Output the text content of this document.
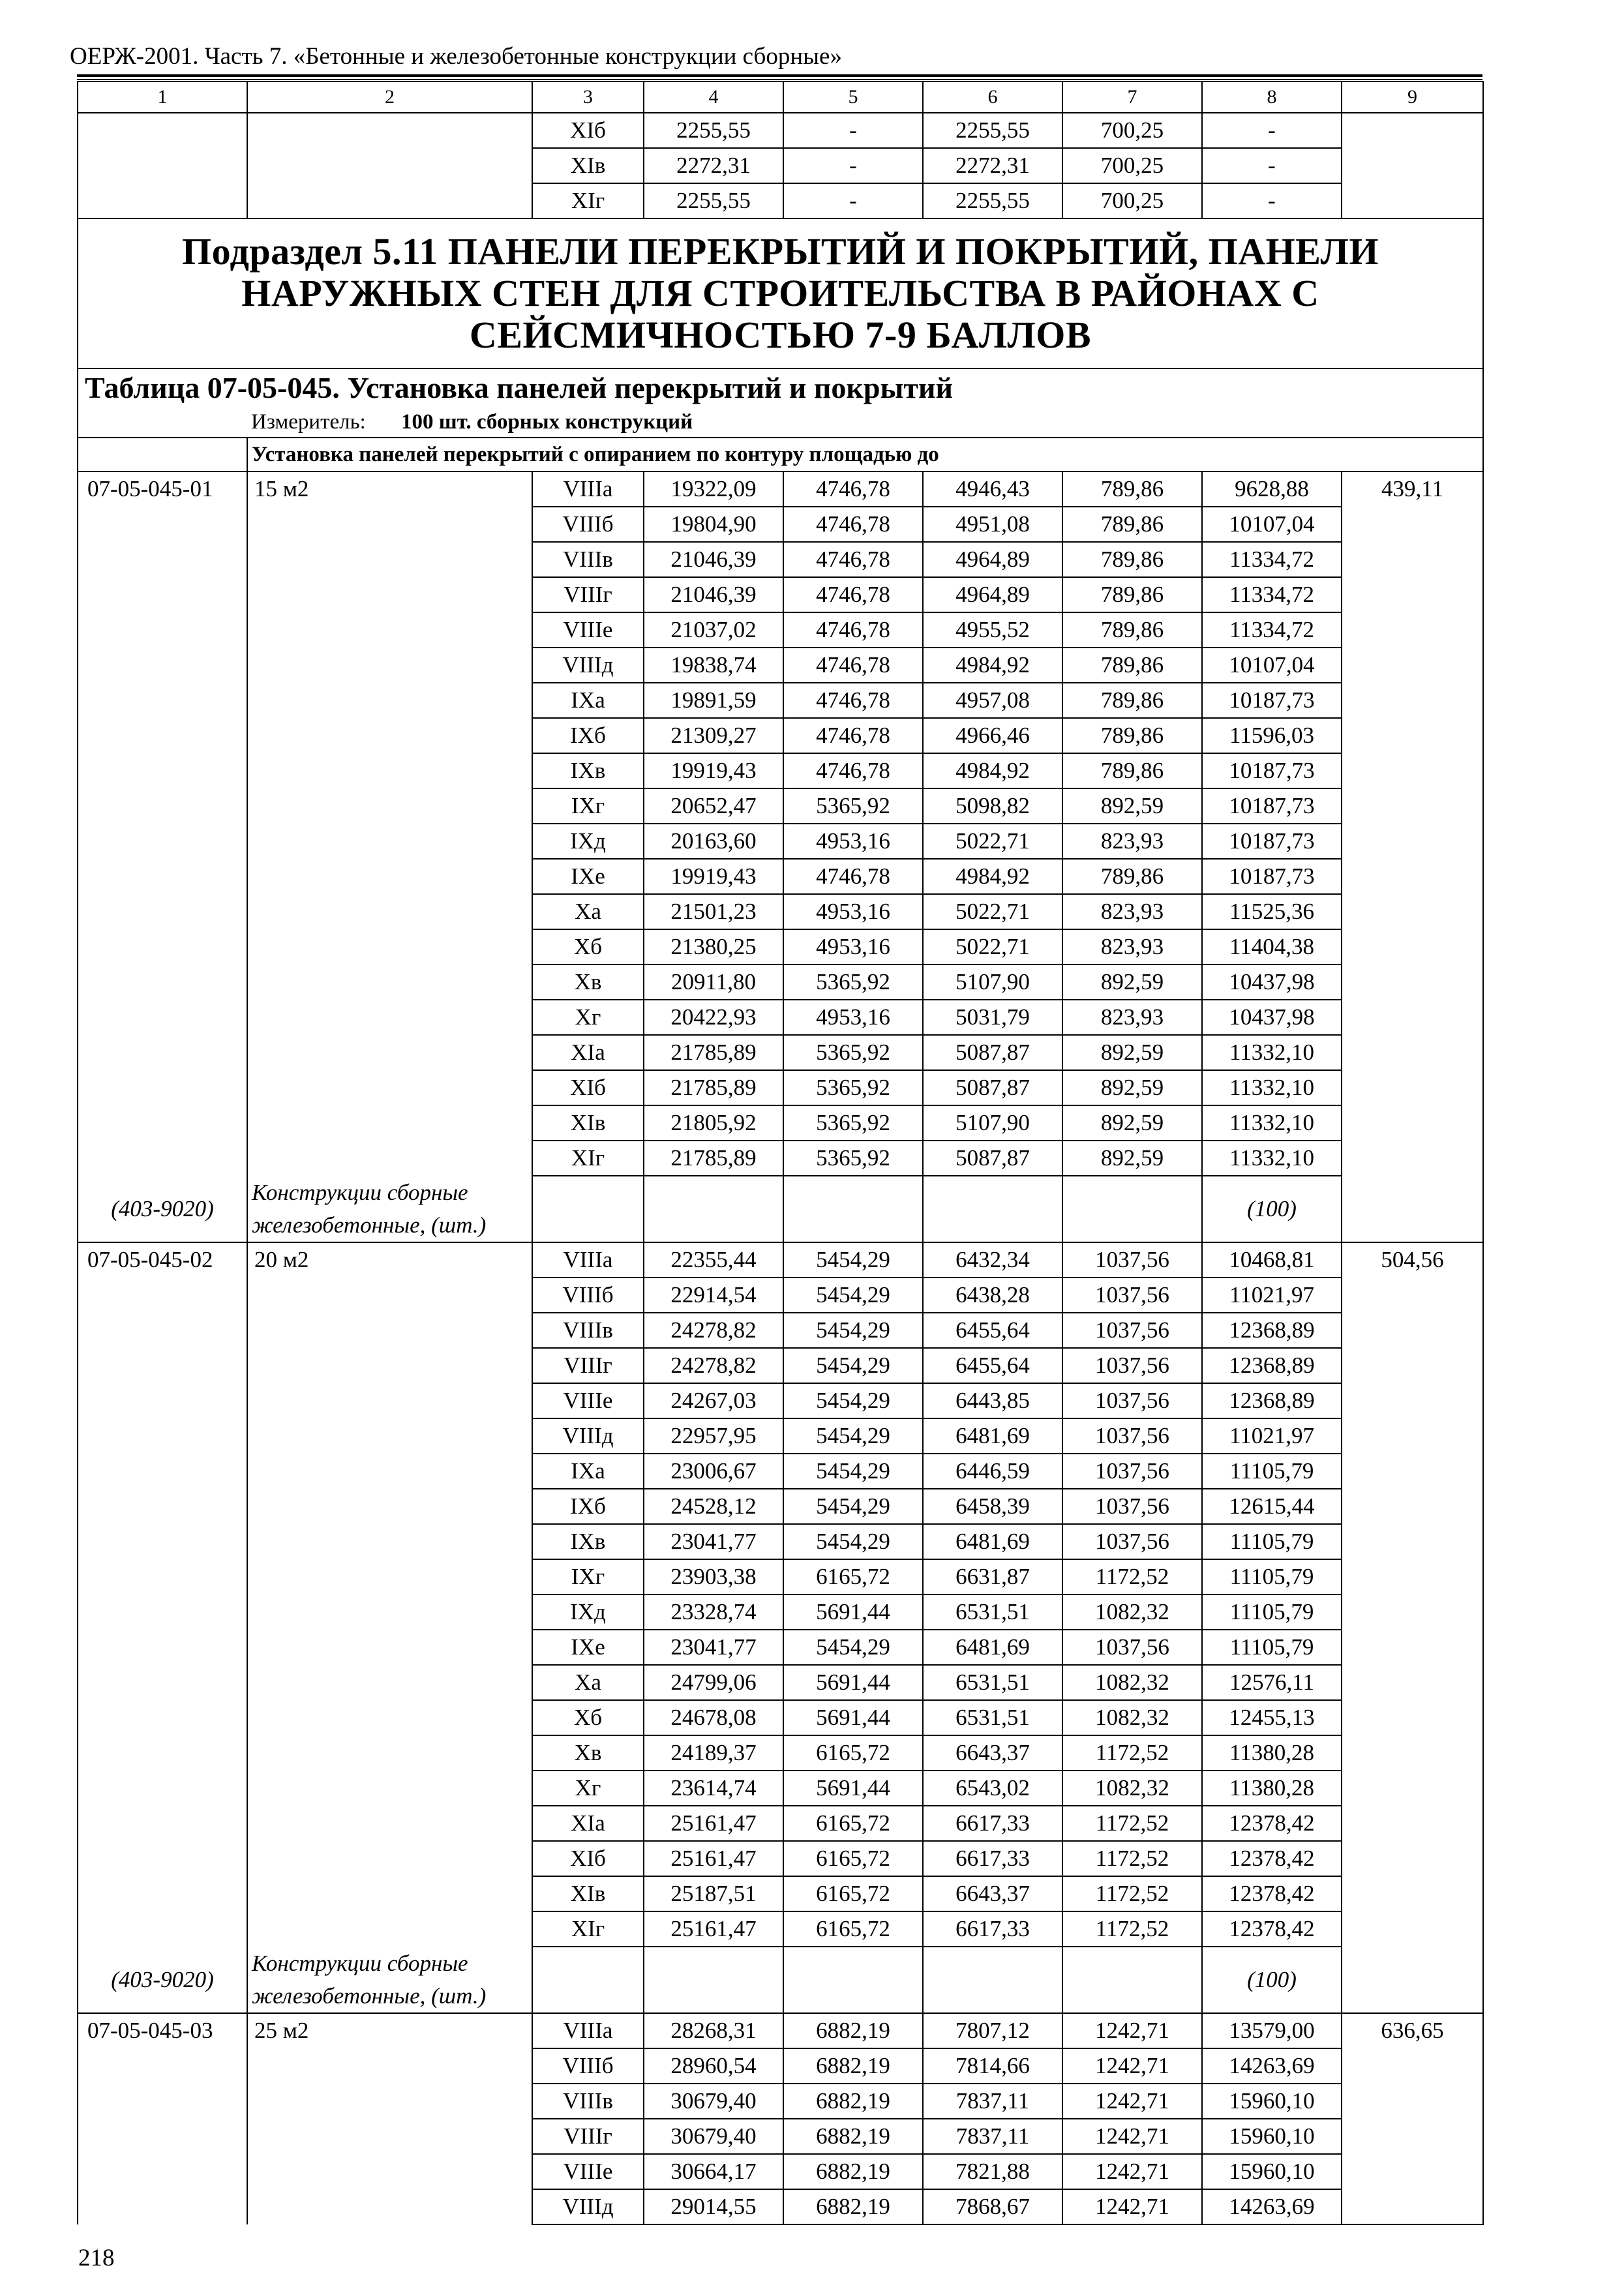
ОЕРЖ-2001. Часть 7. «Бетонные и железобетонные конструкции сборные»
1	2	3	4	5	6	7	8	9
		ХIб	2255,55	-	2255,55	700,25	-	
		ХIв	2272,31	-	2272,31	700,25	-	
		ХIг	2255,55	-	2255,55	700,25	-	
Подраздел 5.11 ПАНЕЛИ ПЕРЕКРЫТИЙ И ПОКРЫТИЙ, ПАНЕЛИ НАРУЖНЫХ СТЕН ДЛЯ СТРОИТЕЛЬСТВА В РАЙОНАХ С СЕЙСМИЧНОСТЬЮ 7-9 БАЛЛОВ								
Таблица 07-05-045. Установка панелей перекрытий и покрытий								
Измеритель: 100 шт. сборных конструкций								
	Установка панелей перекрытий с опиранием по контуру площадью до							
07-05-045-01	15 м2	VIIIа	19322,09	4746,78	4946,43	789,86	9628,88	439,11
		VIIIб	19804,90	4746,78	4951,08	789,86	10107,04	
		VIIIв	21046,39	4746,78	4964,89	789,86	11334,72	
		VIIIг	21046,39	4746,78	4964,89	789,86	11334,72	
		VIIIе	21037,02	4746,78	4955,52	789,86	11334,72	
		VIIIд	19838,74	4746,78	4984,92	789,86	10107,04	
		IХа	19891,59	4746,78	4957,08	789,86	10187,73	
		IХб	21309,27	4746,78	4966,46	789,86	11596,03	
		IХв	19919,43	4746,78	4984,92	789,86	10187,73	
		IХг	20652,47	5365,92	5098,82	892,59	10187,73	
		IХд	20163,60	4953,16	5022,71	823,93	10187,73	
		IХе	19919,43	4746,78	4984,92	789,86	10187,73	
		Ха	21501,23	4953,16	5022,71	823,93	11525,36	
		Хб	21380,25	4953,16	5022,71	823,93	11404,38	
		Хв	20911,80	5365,92	5107,90	892,59	10437,98	
		Хг	20422,93	4953,16	5031,79	823,93	10437,98	
		ХIа	21785,89	5365,92	5087,87	892,59	11332,10	
		ХIб	21785,89	5365,92	5087,87	892,59	11332,10	
		ХIв	21805,92	5365,92	5107,90	892,59	11332,10	
		ХIг	21785,89	5365,92	5087,87	892,59	11332,10	
(403-9020)	Конструкции сборные железобетонные, (шт.)						(100)	
07-05-045-02	20 м2	VIIIа	22355,44	5454,29	6432,34	1037,56	10468,81	504,56
		VIIIб	22914,54	5454,29	6438,28	1037,56	11021,97	
		VIIIв	24278,82	5454,29	6455,64	1037,56	12368,89	
		VIIIг	24278,82	5454,29	6455,64	1037,56	12368,89	
		VIIIе	24267,03	5454,29	6443,85	1037,56	12368,89	
		VIIIд	22957,95	5454,29	6481,69	1037,56	11021,97	
		IХа	23006,67	5454,29	6446,59	1037,56	11105,79	
		IХб	24528,12	5454,29	6458,39	1037,56	12615,44	
		IХв	23041,77	5454,29	6481,69	1037,56	11105,79	
		IХг	23903,38	6165,72	6631,87	1172,52	11105,79	
		IХд	23328,74	5691,44	6531,51	1082,32	11105,79	
		IХе	23041,77	5454,29	6481,69	1037,56	11105,79	
		Ха	24799,06	5691,44	6531,51	1082,32	12576,11	
		Хб	24678,08	5691,44	6531,51	1082,32	12455,13	
		Хв	24189,37	6165,72	6643,37	1172,52	11380,28	
		Хг	23614,74	5691,44	6543,02	1082,32	11380,28	
		ХIа	25161,47	6165,72	6617,33	1172,52	12378,42	
		ХIб	25161,47	6165,72	6617,33	1172,52	12378,42	
		ХIв	25187,51	6165,72	6643,37	1172,52	12378,42	
		ХIг	25161,47	6165,72	6617,33	1172,52	12378,42	
(403-9020)	Конструкции сборные железобетонные, (шт.)						(100)	
07-05-045-03	25 м2	VIIIа	28268,31	6882,19	7807,12	1242,71	13579,00	636,65
		VIIIб	28960,54	6882,19	7814,66	1242,71	14263,69	
		VIIIв	30679,40	6882,19	7837,11	1242,71	15960,10	
		VIIIг	30679,40	6882,19	7837,11	1242,71	15960,10	
		VIIIе	30664,17	6882,19	7821,88	1242,71	15960,10	
		VIIIд	29014,55	6882,19	7868,67	1242,71	14263,69	
218
